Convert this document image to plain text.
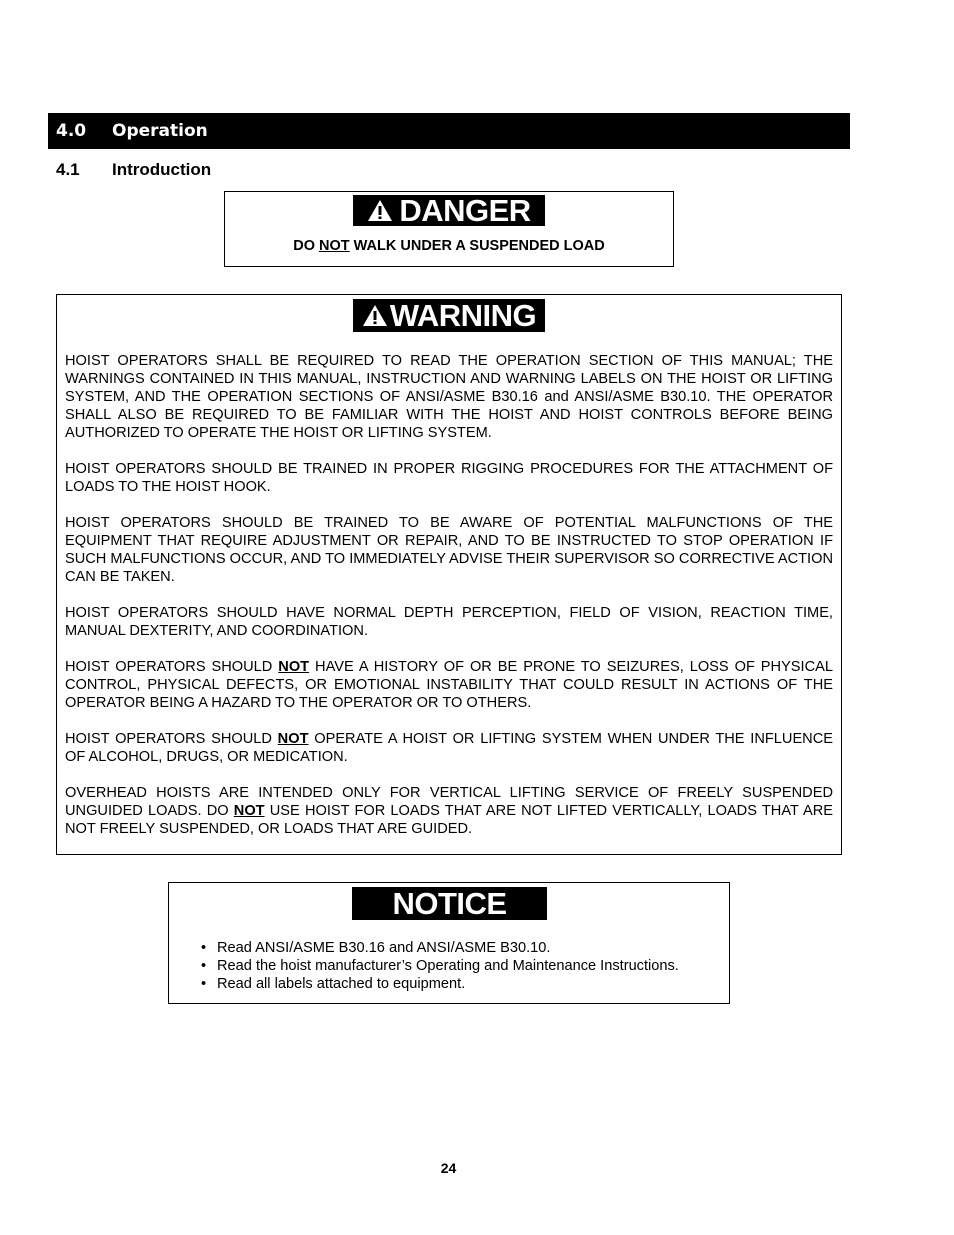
4.0 Operation
4.1 Introduction
DANGER
DO NOT WALK UNDER A SUSPENDED LOAD
WARNING

HOIST OPERATORS SHALL BE REQUIRED TO READ THE OPERATION SECTION OF THIS MANUAL; THE WARNINGS CONTAINED IN THIS MANUAL, INSTRUCTION AND WARNING LABELS ON THE HOIST OR LIFTING SYSTEM, AND THE OPERATION SECTIONS OF ANSI/ASME B30.16 and ANSI/ASME B30.10. THE OPERATOR SHALL ALSO BE REQUIRED TO BE FAMILIAR WITH THE HOIST AND HOIST CONTROLS BEFORE BEING AUTHORIZED TO OPERATE THE HOIST OR LIFTING SYSTEM.

HOIST OPERATORS SHOULD BE TRAINED IN PROPER RIGGING PROCEDURES FOR THE ATTACHMENT OF LOADS TO THE HOIST HOOK.

HOIST OPERATORS SHOULD BE TRAINED TO BE AWARE OF POTENTIAL MALFUNCTIONS OF THE EQUIPMENT THAT REQUIRE ADJUSTMENT OR REPAIR, AND TO BE INSTRUCTED TO STOP OPERATION IF SUCH MALFUNCTIONS OCCUR, AND TO IMMEDIATELY ADVISE THEIR SUPERVISOR SO CORRECTIVE ACTION CAN BE TAKEN.

HOIST OPERATORS SHOULD HAVE NORMAL DEPTH PERCEPTION, FIELD OF VISION, REACTION TIME, MANUAL DEXTERITY, AND COORDINATION.

HOIST OPERATORS SHOULD NOT HAVE A HISTORY OF OR BE PRONE TO SEIZURES, LOSS OF PHYSICAL CONTROL, PHYSICAL DEFECTS, OR EMOTIONAL INSTABILITY THAT COULD RESULT IN ACTIONS OF THE OPERATOR BEING A HAZARD TO THE OPERATOR OR TO OTHERS.

HOIST OPERATORS SHOULD NOT OPERATE A HOIST OR LIFTING SYSTEM WHEN UNDER THE INFLUENCE OF ALCOHOL, DRUGS, OR MEDICATION.

OVERHEAD HOISTS ARE INTENDED ONLY FOR VERTICAL LIFTING SERVICE OF FREELY SUSPENDED UNGUIDED LOADS. DO NOT USE HOIST FOR LOADS THAT ARE NOT LIFTED VERTICALLY, LOADS THAT ARE NOT FREELY SUSPENDED, OR LOADS THAT ARE GUIDED.

NOTICE
• Read ANSI/ASME B30.16 and ANSI/ASME B30.10.
• Read the hoist manufacturer’s Operating and Maintenance Instructions.
• Read all labels attached to equipment.
24
